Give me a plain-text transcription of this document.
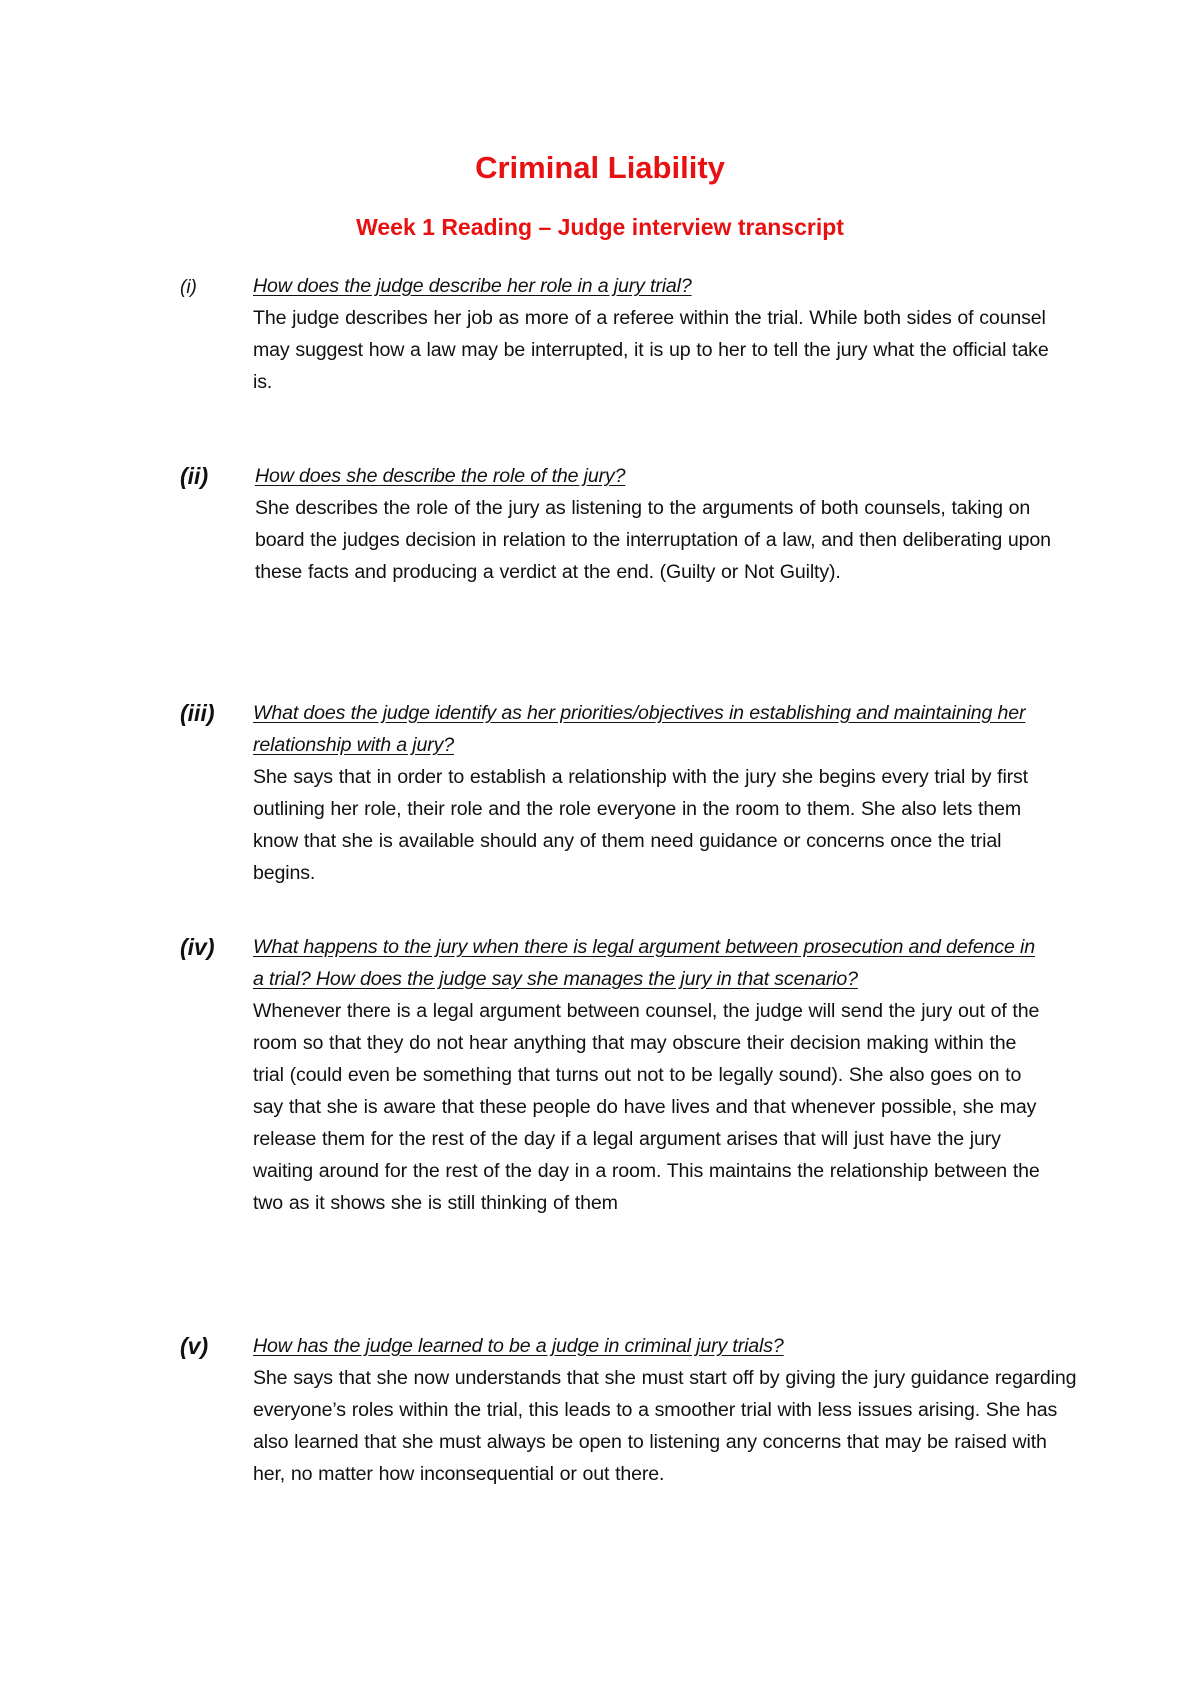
Criminal Liability
Week 1 Reading – Judge interview transcript
(i)	How does the judge describe her role in a jury trial?
The judge describes her job as more of a referee within the trial. While both sides of counsel may suggest how a law may be interrupted, it is up to her to tell the jury what the official take is.
(ii) How does she describe the role of the jury?
She describes the role of the jury as listening to the arguments of both counsels, taking on board the judges decision in relation to the interruptation of a law, and then deliberating upon these facts and producing a verdict at the end. (Guilty or Not Guilty).
(iii) What does the judge identify as her priorities/objectives in establishing and maintaining her relationship with a jury?
She says that in order to establish a relationship with the jury she begins every trial by first outlining her role, their role and the role everyone in the room to them. She also lets them know that she is available should any of them need guidance or concerns once the trial begins.
(iv) What happens to the jury when there is legal argument between prosecution and defence in a trial? How does the judge say she manages the jury in that scenario?
Whenever there is a legal argument between counsel, the judge will send the jury out of the room so that they do not hear anything that may obscure their decision making within the trial (could even be something that turns out not to be legally sound). She also goes on to say that she is aware that these people do have lives and that whenever possible, she may release them for the rest of the day if a legal argument arises that will just have the jury waiting around for the rest of the day in a room. This maintains the relationship between the two as it shows she is still thinking of them
(v) How has the judge learned to be a judge in criminal jury trials?
She says that she now understands that she must start off by giving the jury guidance regarding everyone’s roles within the trial, this leads to a smoother trial with less issues arising. She has also learned that she must always be open to listening any concerns that may be raised with her, no matter how inconsequential or out there.
